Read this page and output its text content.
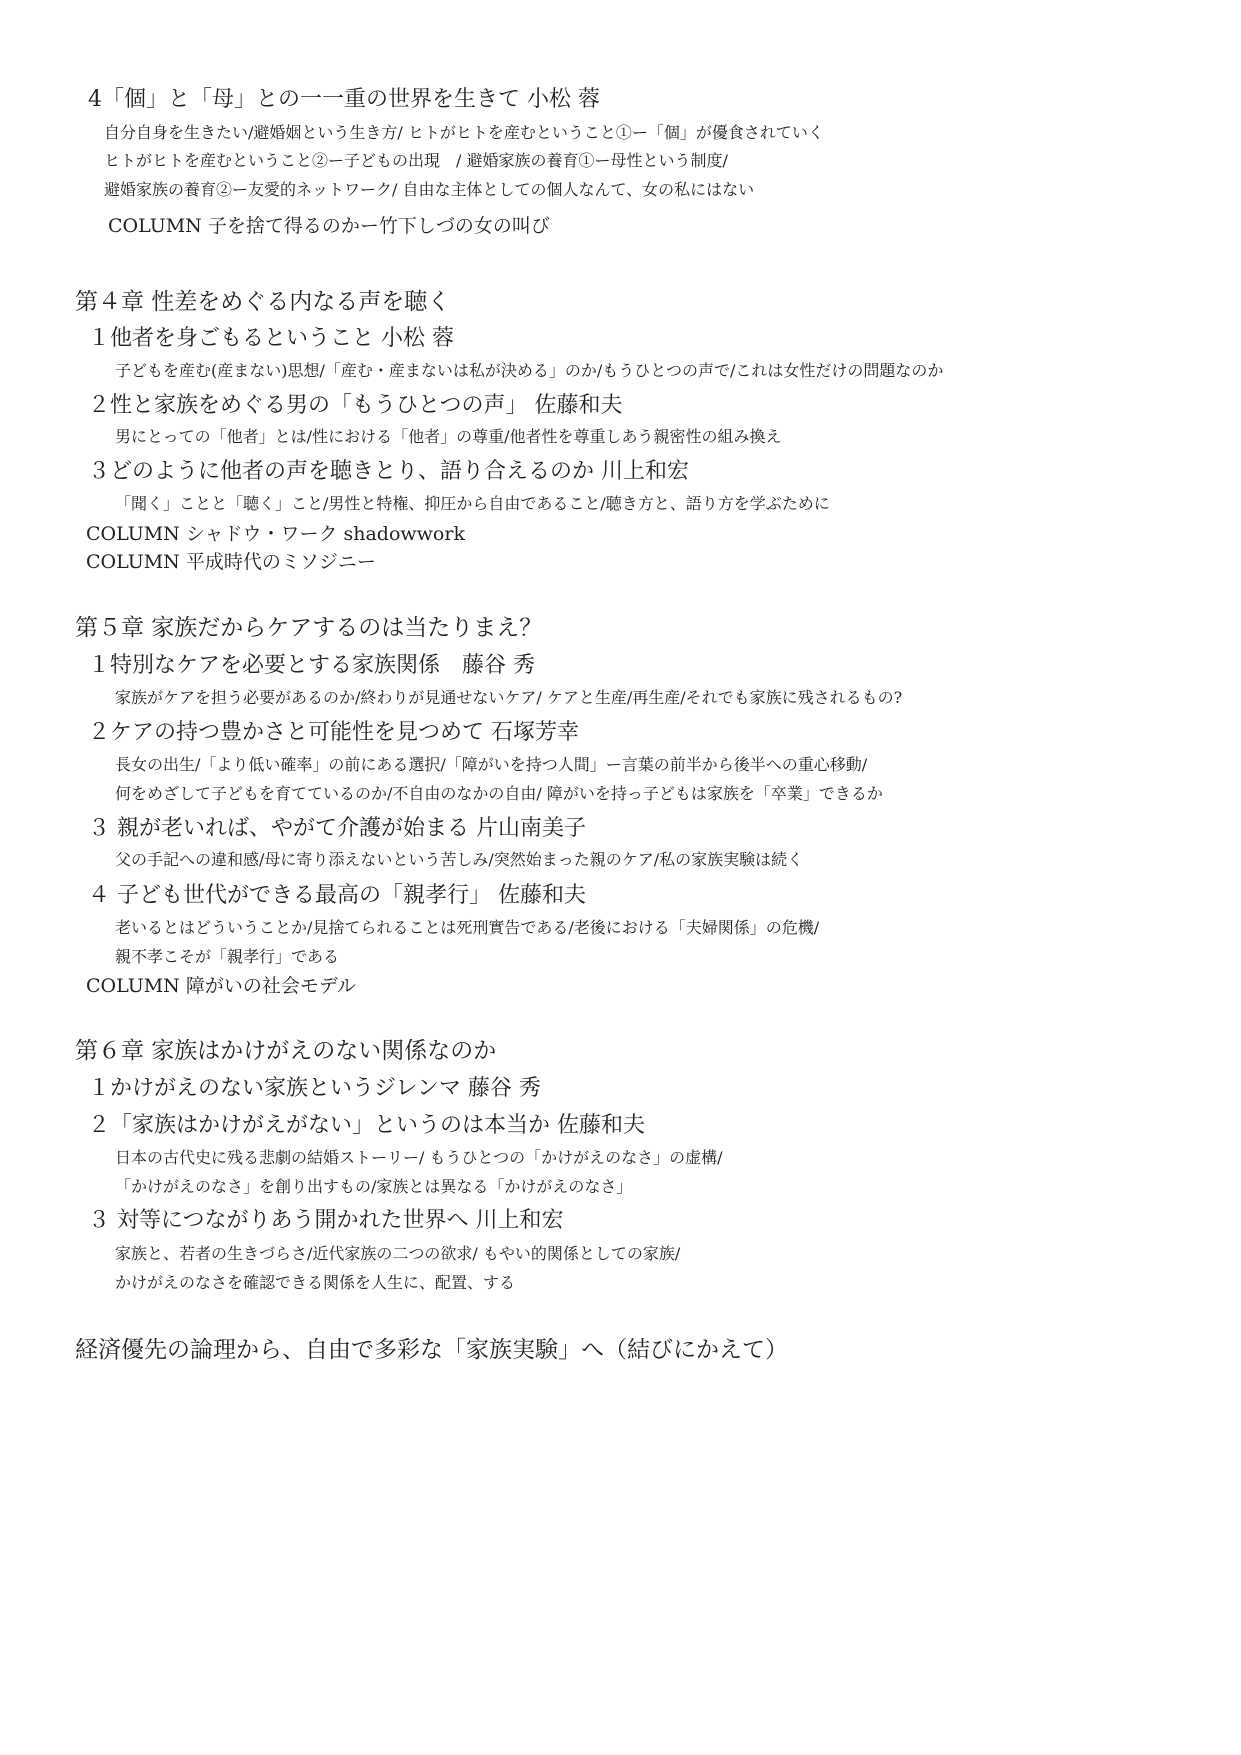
4「個」と「母」との一一重の世界を生きて 小松 蓉
自分自身を生きたい/避婚姻という生き方/ ヒトがヒトを産むということ①ー「個」が優食されていく
ヒトがヒトを産むということ②ー子どもの出現　/ 避婚家族の養育①ー母性という制度/
避婚家族の養育②ー友愛的ネットワーク/ 自由な主体としての個人なんて、女の私にはない
COLUMN 子を捨て得るのかー竹下しづの女の叫び
第４章 性差をめぐる内なる声を聴く
１他者を身ごもるということ 小松 蓉
子どもを産む(産まない)思想/「産む・産まないは私が決める」のか/もうひとつの声で/これは女性だけの問題なのか
２性と家族をめぐる男の「もうひとつの声」 佐藤和夫
男にとっての「他者」とは/性における「他者」の尊重/他者性を尊重しあう親密性の組み換え
３どのように他者の声を聴きとり、語り合えるのか 川上和宏
「聞く」ことと「聴く」こと/男性と特権、抑圧から自由であること/聴き方と、語り方を学ぶために
COLUMN シャドウ・ワーク shadowwork
COLUMN 平成時代のミソジニー
第５章 家族だからケアするのは当たりまえ？
１特別なケアを必要とする家族関係　藤谷 秀
家族がケアを担う必要があるのか/終わりが見通せないケア/ ケアと生産/再生産/それでも家族に残されるもの?
２ケアの持つ豊かさと可能性を見つめて 石塚芳幸
長女の出生/「より低い確率」の前にある選択/「障がいを持つ人間」ー言葉の前半から後半への重心移動/
何をめざして子どもを育てているのか/不自由のなかの自由/ 障がいを持っ子どもは家族を「卒業」できるか
３ 親が老いれば、やがて介護が始まる 片山南美子
父の手記への違和感/母に寄り添えないという苦しみ/突然始まった親のケア/私の家族実験は続く
４ 子ども世代ができる最高の「親孝行」 佐藤和夫
老いるとはどういうことか/見捨てられることは死刑實告である/老後における「夫婦関係」の危機/
親不孝こそが「親孝行」である
COLUMN 障がいの社会モデル
第６章 家族はかけがえのない関係なのか
１かけがえのない家族というジレンマ 藤谷 秀
２「家族はかけがえがない」というのは本当か 佐藤和夫
日本の古代史に残る悲劇の結婚ストーリー/ もうひとつの「かけがえのなさ」の虚構/
「かけがえのなさ」を創り出すもの/家族とは異なる「かけがえのなさ」
３ 対等につながりあう開かれた世界へ 川上和宏
家族と、若者の生きづらさ/近代家族の二つの欲求/ もやい的関係としての家族/
かけがえのなさを確認できる関係を人生に、配置、する
経済優先の論理から、自由で多彩な「家族実験」へ（結びにかえて）
